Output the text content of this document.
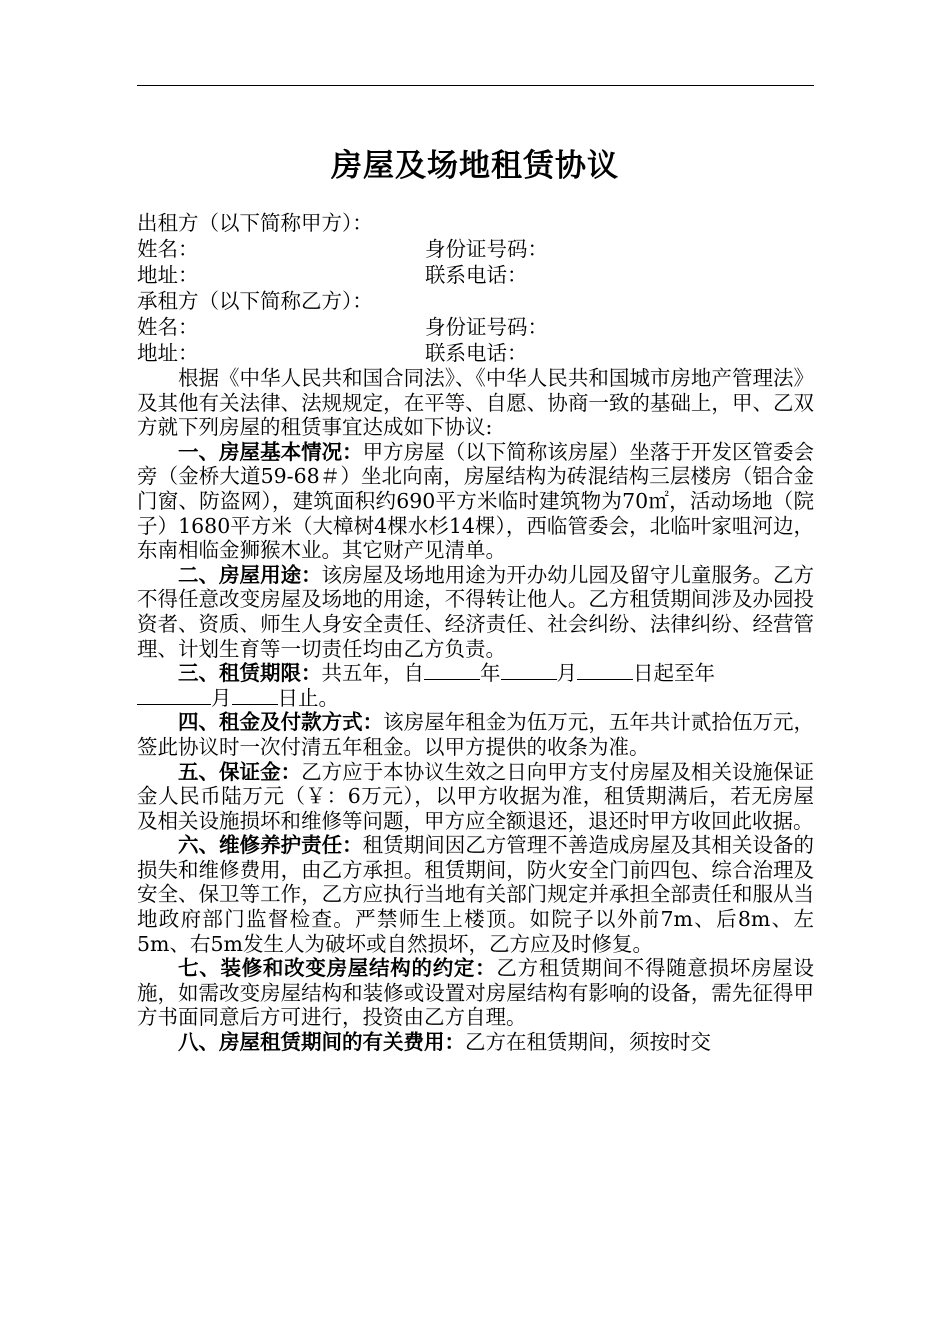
房屋及场地租赁协议
出租方（以下简称甲方）：
姓名：	身份证号码：
地址：	联系电话：
承租方（以下简称乙方）：
姓名：	身份证号码：
地址：	联系电话：

根据《中华人民共和国合同法》、《中华人民共和国城市房地产管理法》及其他有关法律、法规规定，在平等、自愿、协商一致的基础上，甲、乙双方就下列房屋的租赁事宜达成如下协议:

一、房屋基本情况：甲方房屋（以下简称该房屋）坐落于开发区管委会旁（金桥大道59-68＃）坐北向南，房屋结构为砖混结构三层楼房（铝合金门窗、防盗网），建筑面积约690平方米临时建筑物为70㎡，活动场地（院子）1680平方米（大樟树4棵水杉14棵），西临管委会，北临叶家咀河边，东南相临金狮猴木业。其它财产见清单。

二、房屋用途：该房屋及场地用途为开办幼儿园及留守儿童服务。乙方不得任意改变房屋及场地的用途，不得转让他人。乙方租赁期间涉及办园投资者、资质、师生人身安全责任、经济责任、社会纠纷、法律纠纷、经营管理、计划生育等一切责任均由乙方负责。

三、租赁期限：共五年，自	年	月	日起至年

月 日止。

四、租金及付款方式：该房屋年租金为伍万元，五年共计贰拾伍万元，签此协议时一次付清五年租金。以甲方提供的收条为准。

五、保证金：乙方应于本协议生效之日向甲方支付房屋及相关设施保证金人民币陆万元（￥：6万元），以甲方收据为准，租赁期满后，若无房屋及相关设施损坏和维修等问题，甲方应全额退还，退还时甲方收回此收据。

六、维修养护责任：租赁期间因乙方管理不善造成房屋及其相关设备的损失和维修费用，由乙方承担。租赁期间，防火安全门前四包、综合治理及安全、保卫等工作，乙方应执行当地有关部门规定并承担全部责任和服从当地政府部门监督检查。严禁师生上楼顶。如院子以外前7m、后8m、左5m、右5m发生人为破坏或自然损坏，乙方应及时修复。

七、装修和改变房屋结构的约定：乙方租赁期间不得随意损坏房屋设施，如需改变房屋结构和装修或设置对房屋结构有影响的设备，需先征得甲方书面同意后方可进行，投资由乙方自理。

八、房屋租赁期间的有关费用：乙方在租赁期间，须按时交
